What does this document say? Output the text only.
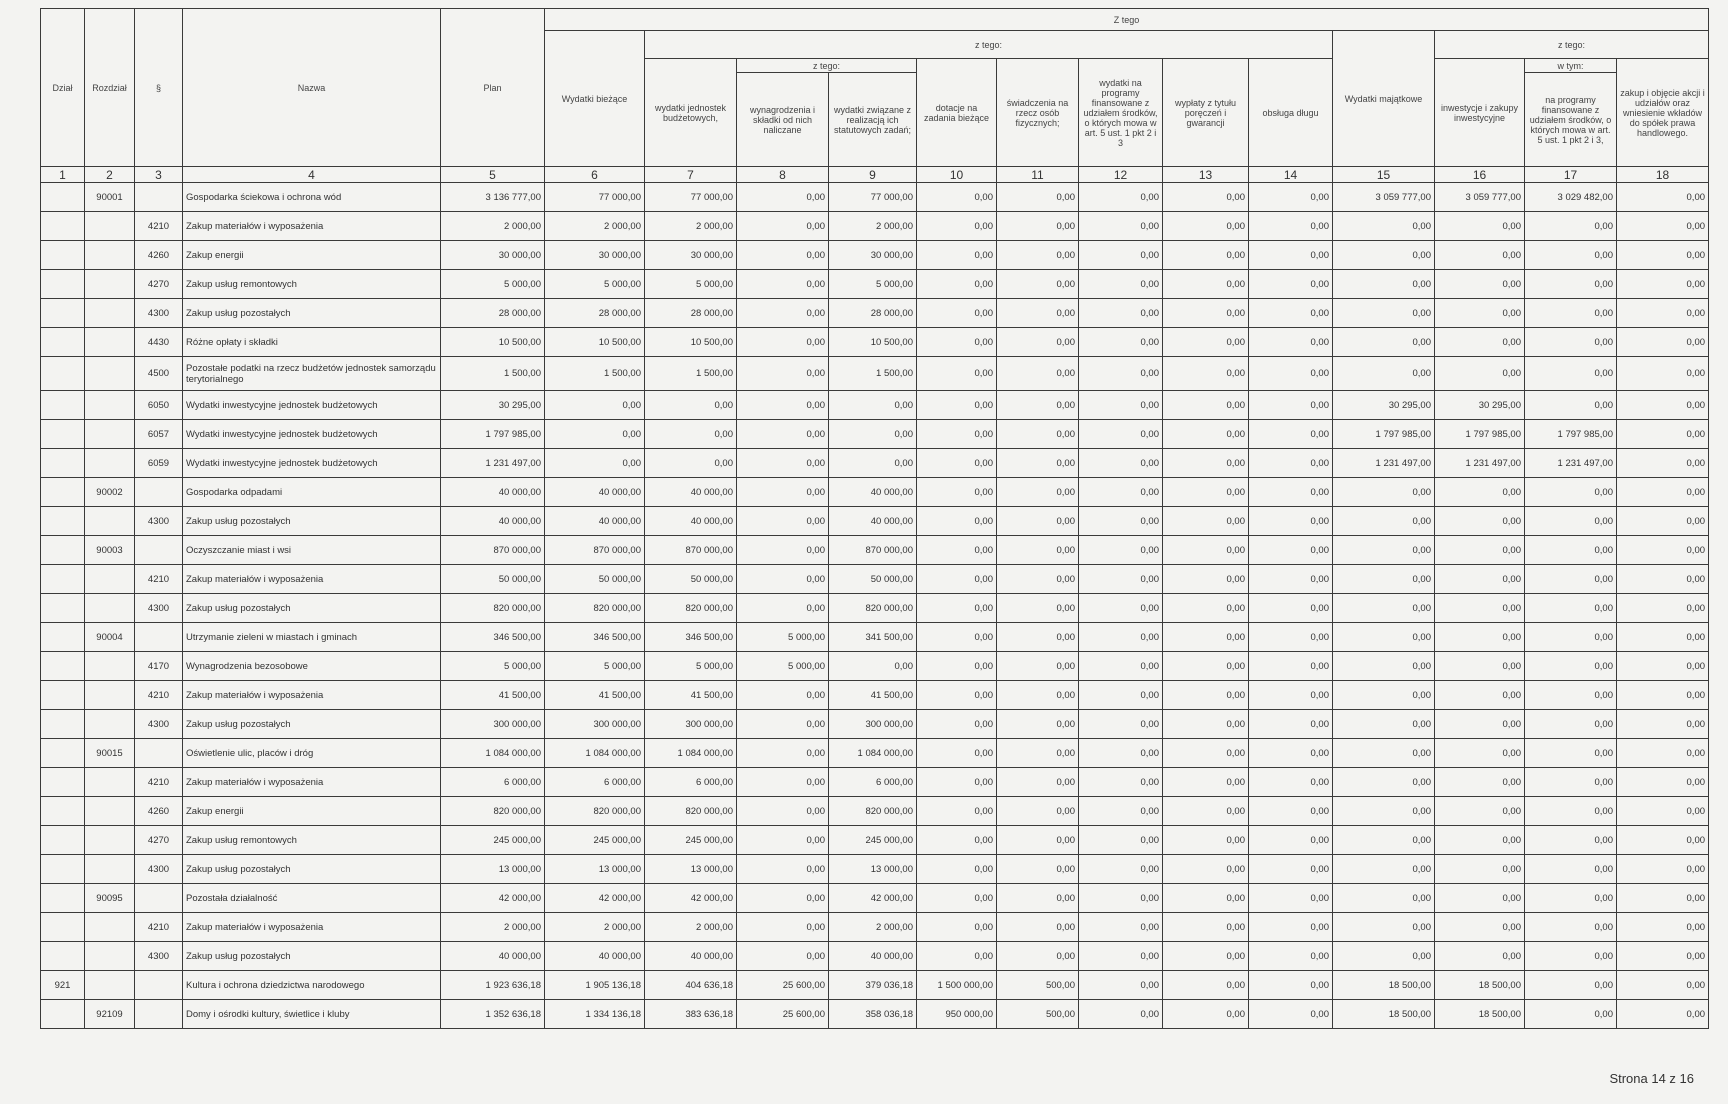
Dział	Rozdział	§	Nazwa	Plan	Z tego												
					Wydatki bieżące	z tego:								Wydatki majątkowe	z tego:		
						wydatki jednostek budżetowych,	z tego:		dotacje na zadania bieżące	świadczenia na rzecz osób fizycznych;	wydatki na programy finansowane z udziałem środków, o których mowa w art. 5 ust. 1 pkt 2 i 3	wypłaty z tytułu poręczeń i gwarancji	obsługa długu		inwestycje i zakupy inwestycyjne	w tym:	zakup i objęcie akcji i udziałów oraz wniesienie wkładów do spółek prawa handlowego.
							wynagrodzenia i składki od nich naliczane	wydatki związane z realizacją ich statutowych zadań;								na programy finansowane z udziałem środków, o których mowa w art. 5 ust. 1 pkt 2 i 3,	
1	2	3	4	5	6	7	8	9	10	11	12	13	14	15	16	17	18
	90001		Gospodarka ściekowa i ochrona wód	3 136 777,00	77 000,00	77 000,00	0,00	77 000,00	0,00	0,00	0,00	0,00	0,00	3 059 777,00	3 059 777,00	3 029 482,00	0,00
		4210	Zakup materiałów i wyposażenia	2 000,00	2 000,00	2 000,00	0,00	2 000,00	0,00	0,00	0,00	0,00	0,00	0,00	0,00	0,00	0,00
		4260	Zakup energii	30 000,00	30 000,00	30 000,00	0,00	30 000,00	0,00	0,00	0,00	0,00	0,00	0,00	0,00	0,00	0,00
		4270	Zakup usług remontowych	5 000,00	5 000,00	5 000,00	0,00	5 000,00	0,00	0,00	0,00	0,00	0,00	0,00	0,00	0,00	0,00
		4300	Zakup usług pozostałych	28 000,00	28 000,00	28 000,00	0,00	28 000,00	0,00	0,00	0,00	0,00	0,00	0,00	0,00	0,00	0,00
		4430	Różne opłaty i składki	10 500,00	10 500,00	10 500,00	0,00	10 500,00	0,00	0,00	0,00	0,00	0,00	0,00	0,00	0,00	0,00
		4500	Pozostałe podatki na rzecz budżetów jednostek samorządu terytorialnego	1 500,00	1 500,00	1 500,00	0,00	1 500,00	0,00	0,00	0,00	0,00	0,00	0,00	0,00	0,00	0,00
		6050	Wydatki inwestycyjne jednostek budżetowych	30 295,00	0,00	0,00	0,00	0,00	0,00	0,00	0,00	0,00	0,00	30 295,00	30 295,00	0,00	0,00
		6057	Wydatki inwestycyjne jednostek budżetowych	1 797 985,00	0,00	0,00	0,00	0,00	0,00	0,00	0,00	0,00	0,00	1 797 985,00	1 797 985,00	1 797 985,00	0,00
		6059	Wydatki inwestycyjne jednostek budżetowych	1 231 497,00	0,00	0,00	0,00	0,00	0,00	0,00	0,00	0,00	0,00	1 231 497,00	1 231 497,00	1 231 497,00	0,00
	90002		Gospodarka odpadami	40 000,00	40 000,00	40 000,00	0,00	40 000,00	0,00	0,00	0,00	0,00	0,00	0,00	0,00	0,00	0,00
		4300	Zakup usług pozostałych	40 000,00	40 000,00	40 000,00	0,00	40 000,00	0,00	0,00	0,00	0,00	0,00	0,00	0,00	0,00	0,00
	90003		Oczyszczanie miast i wsi	870 000,00	870 000,00	870 000,00	0,00	870 000,00	0,00	0,00	0,00	0,00	0,00	0,00	0,00	0,00	0,00
		4210	Zakup materiałów i wyposażenia	50 000,00	50 000,00	50 000,00	0,00	50 000,00	0,00	0,00	0,00	0,00	0,00	0,00	0,00	0,00	0,00
		4300	Zakup usług pozostałych	820 000,00	820 000,00	820 000,00	0,00	820 000,00	0,00	0,00	0,00	0,00	0,00	0,00	0,00	0,00	0,00
	90004		Utrzymanie zieleni w miastach i gminach	346 500,00	346 500,00	346 500,00	5 000,00	341 500,00	0,00	0,00	0,00	0,00	0,00	0,00	0,00	0,00	0,00
		4170	Wynagrodzenia bezosobowe	5 000,00	5 000,00	5 000,00	5 000,00	0,00	0,00	0,00	0,00	0,00	0,00	0,00	0,00	0,00	0,00
		4210	Zakup materiałów i wyposażenia	41 500,00	41 500,00	41 500,00	0,00	41 500,00	0,00	0,00	0,00	0,00	0,00	0,00	0,00	0,00	0,00
		4300	Zakup usług pozostałych	300 000,00	300 000,00	300 000,00	0,00	300 000,00	0,00	0,00	0,00	0,00	0,00	0,00	0,00	0,00	0,00
	90015		Oświetlenie ulic, placów i dróg	1 084 000,00	1 084 000,00	1 084 000,00	0,00	1 084 000,00	0,00	0,00	0,00	0,00	0,00	0,00	0,00	0,00	0,00
		4210	Zakup materiałów i wyposażenia	6 000,00	6 000,00	6 000,00	0,00	6 000,00	0,00	0,00	0,00	0,00	0,00	0,00	0,00	0,00	0,00
		4260	Zakup energii	820 000,00	820 000,00	820 000,00	0,00	820 000,00	0,00	0,00	0,00	0,00	0,00	0,00	0,00	0,00	0,00
		4270	Zakup usług remontowych	245 000,00	245 000,00	245 000,00	0,00	245 000,00	0,00	0,00	0,00	0,00	0,00	0,00	0,00	0,00	0,00
		4300	Zakup usług pozostałych	13 000,00	13 000,00	13 000,00	0,00	13 000,00	0,00	0,00	0,00	0,00	0,00	0,00	0,00	0,00	0,00
	90095		Pozostała działalność	42 000,00	42 000,00	42 000,00	0,00	42 000,00	0,00	0,00	0,00	0,00	0,00	0,00	0,00	0,00	0,00
		4210	Zakup materiałów i wyposażenia	2 000,00	2 000,00	2 000,00	0,00	2 000,00	0,00	0,00	0,00	0,00	0,00	0,00	0,00	0,00	0,00
		4300	Zakup usług pozostałych	40 000,00	40 000,00	40 000,00	0,00	40 000,00	0,00	0,00	0,00	0,00	0,00	0,00	0,00	0,00	0,00
921			Kultura i ochrona dziedzictwa narodowego	1 923 636,18	1 905 136,18	404 636,18	25 600,00	379 036,18	1 500 000,00	500,00	0,00	0,00	0,00	18 500,00	18 500,00	0,00	0,00
	92109		Domy i ośrodki kultury, świetlice i kluby	1 352 636,18	1 334 136,18	383 636,18	25 600,00	358 036,18	950 000,00	500,00	0,00	0,00	0,00	18 500,00	18 500,00	0,00	0,00
Strona 14 z 16
